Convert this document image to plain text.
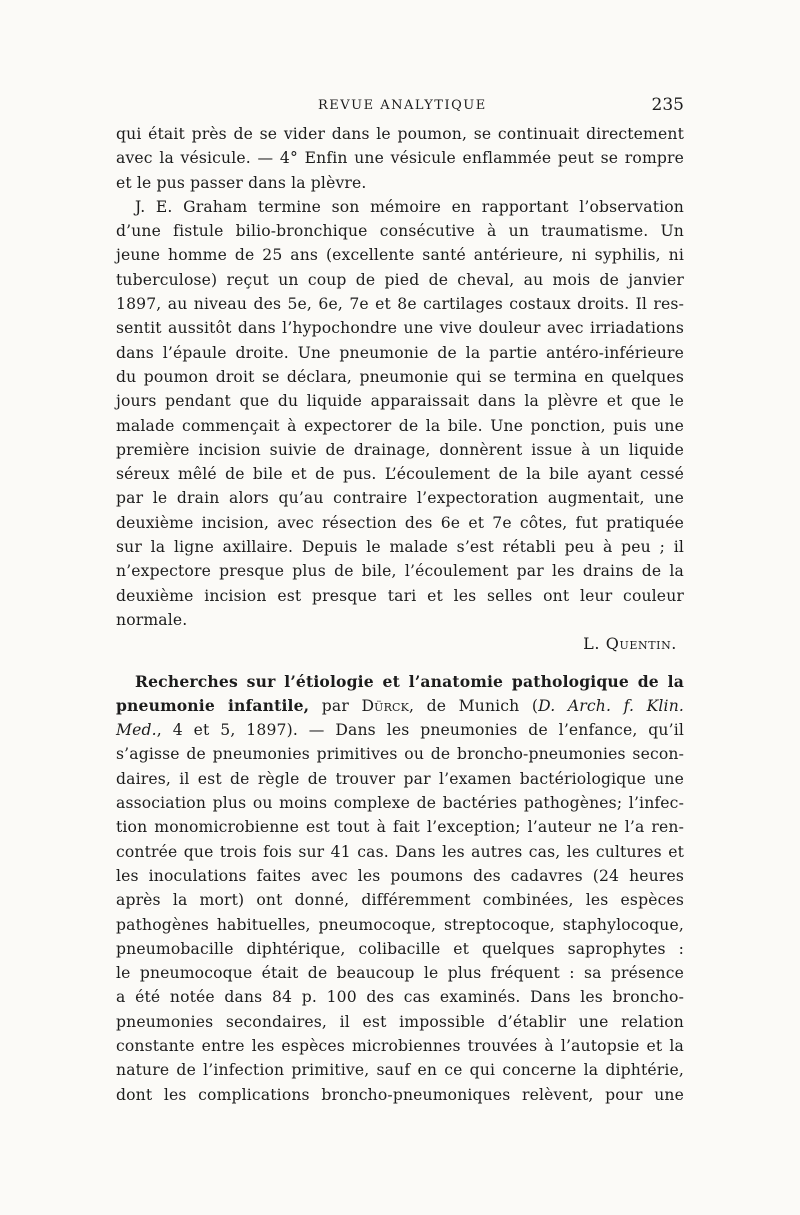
REVUE ANALYTIQUE	235
qui était près de se vider dans le poumon, se continuait directement
avec la vésicule. — 4° Enfin une vésicule enflammée peut se rompre
et le pus passer dans la plèvre.
J. E. Graham termine son mémoire en rapportant l’observation
d’une fistule bilio-bronchique consécutive à un traumatisme. Un
jeune homme de 25 ans (excellente santé antérieure, ni syphilis, ni
tuberculose) reçut un coup de pied de cheval, au mois de janvier
1897, au niveau des 5e, 6e, 7e et 8e cartilages costaux droits. Il res-
sentit aussitôt dans l’hypochondre une vive douleur avec irriadations
dans l’épaule droite. Une pneumonie de la partie antéro-inférieure
du poumon droit se déclara, pneumonie qui se termina en quelques
jours pendant que du liquide apparaissait dans la plèvre et que le
malade commençait à expectorer de la bile. Une ponction, puis une
première incision suivie de drainage, donnèrent issue à un liquide
séreux mêlé de bile et de pus. L’écoulement de la bile ayant cessé
par le drain alors qu’au contraire l’expectoration augmentait, une
deuxième incision, avec résection des 6e et 7e côtes, fut pratiquée
sur la ligne axillaire. Depuis le malade s’est rétabli peu à peu ; il
n’expectore presque plus de bile, l’écoulement par les drains de la
deuxième incision est presque tari et les selles ont leur couleur
normale.
L. Quentin.
Recherches sur l’étiologie et l’anatomie pathologique de la
pneumonie infantile, par Dürck, de Munich (D. Arch. f. Klin.
Med., 4 et 5, 1897). — Dans les pneumonies de l’enfance, qu’il
s’agisse de pneumonies primitives ou de broncho-pneumonies secon-
daires, il est de règle de trouver par l’examen bactériologique une
association plus ou moins complexe de bactéries pathogènes; l’infec-
tion monomicrobienne est tout à fait l’exception; l’auteur ne l’a ren-
contrée que trois fois sur 41 cas. Dans les autres cas, les cultures et
les inoculations faites avec les poumons des cadavres (24 heures
après la mort) ont donné, différemment combinées, les espèces
pathogènes habituelles, pneumocoque, streptocoque, staphylocoque,
pneumobacille diphtérique, colibacille et quelques saprophytes :
le pneumocoque était de beaucoup le plus fréquent : sa présence
a été notée dans 84 p. 100 des cas examinés. Dans les broncho-
pneumonies secondaires, il est impossible d’établir une relation
constante entre les espèces microbiennes trouvées à l’autopsie et la
nature de l’infection primitive, sauf en ce qui concerne la diphtérie,
dont les complications broncho-pneumoniques relèvent, pour une
